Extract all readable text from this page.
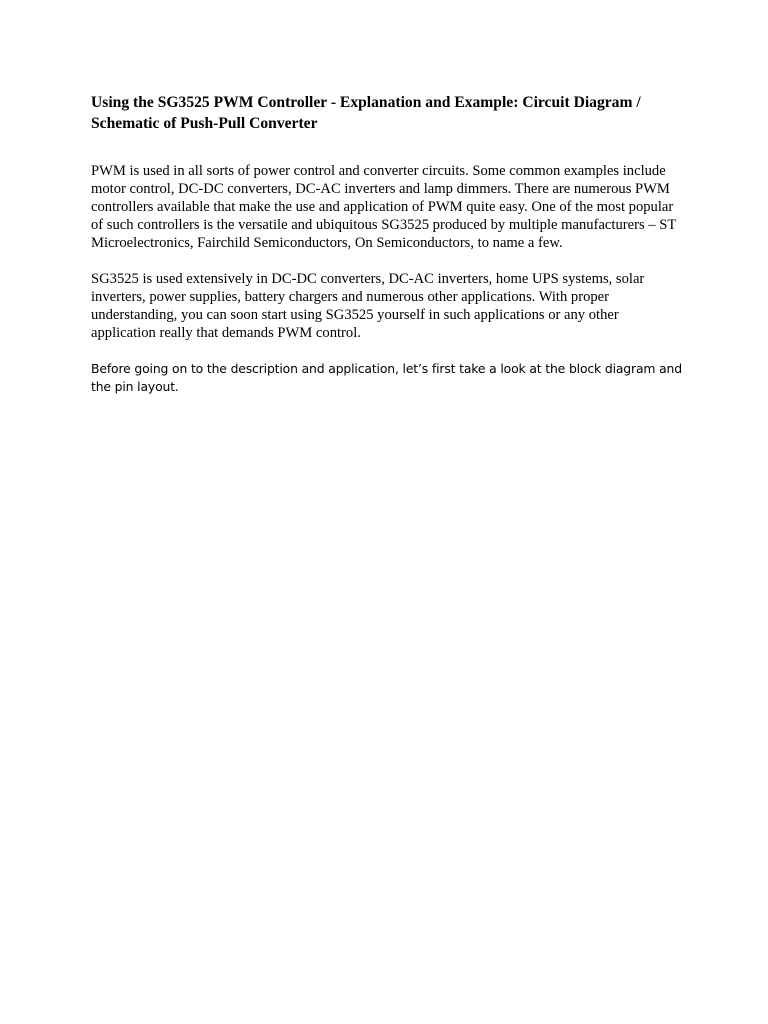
Using the SG3525 PWM Controller - Explanation and Example: Circuit Diagram / Schematic of Push-Pull Converter

PWM is used in all sorts of power control and converter circuits. Some common examples include motor control, DC-DC converters, DC-AC inverters and lamp dimmers. There are numerous PWM controllers available that make the use and application of PWM quite easy. One of the most popular of such controllers is the versatile and ubiquitous SG3525 produced by multiple manufacturers – ST Microelectronics, Fairchild Semiconductors, On Semiconductors, to name a few.

SG3525 is used extensively in DC-DC converters, DC-AC inverters, home UPS systems, solar inverters, power supplies, battery chargers and numerous other applications. With proper understanding, you can soon start using SG3525 yourself in such applications or any other application really that demands PWM control.

Before going on to the description and application, let’s first take a look at the block diagram and the pin layout.
